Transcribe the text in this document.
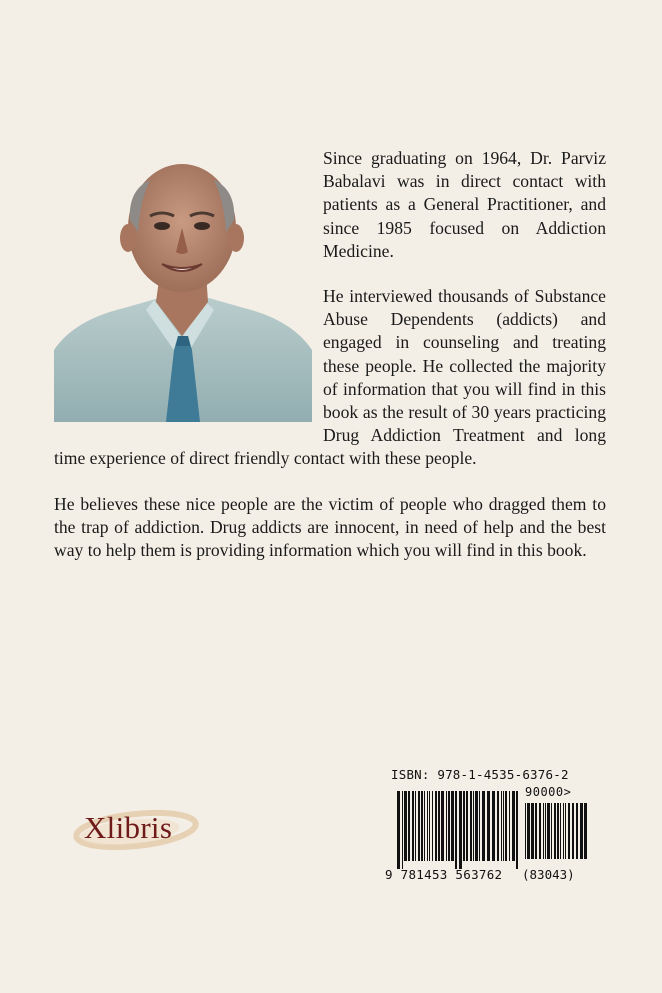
Since graduating on 1964, Dr. Parviz Babalavi was in direct contact with patients as a General Practitioner, and since 1985 focused on Addiction Medicine.

He interviewed thousands of Substance Abuse Dependents (addicts) and engaged in counseling and treating these people. He collected the majority of information that you will find in this book as the result of 30 years practicing Drug Addiction Treatment and long time experience of direct friendly contact with these people.

He believes these nice people are the victim of people who dragged them to the trap of addiction. Drug addicts are innocent, in need of help and the best way to help them is providing information which you will find in this book.

Xlibris
ISBN: 978-1-4535-6376-2
90000>
9 781453 563762 (83043)
